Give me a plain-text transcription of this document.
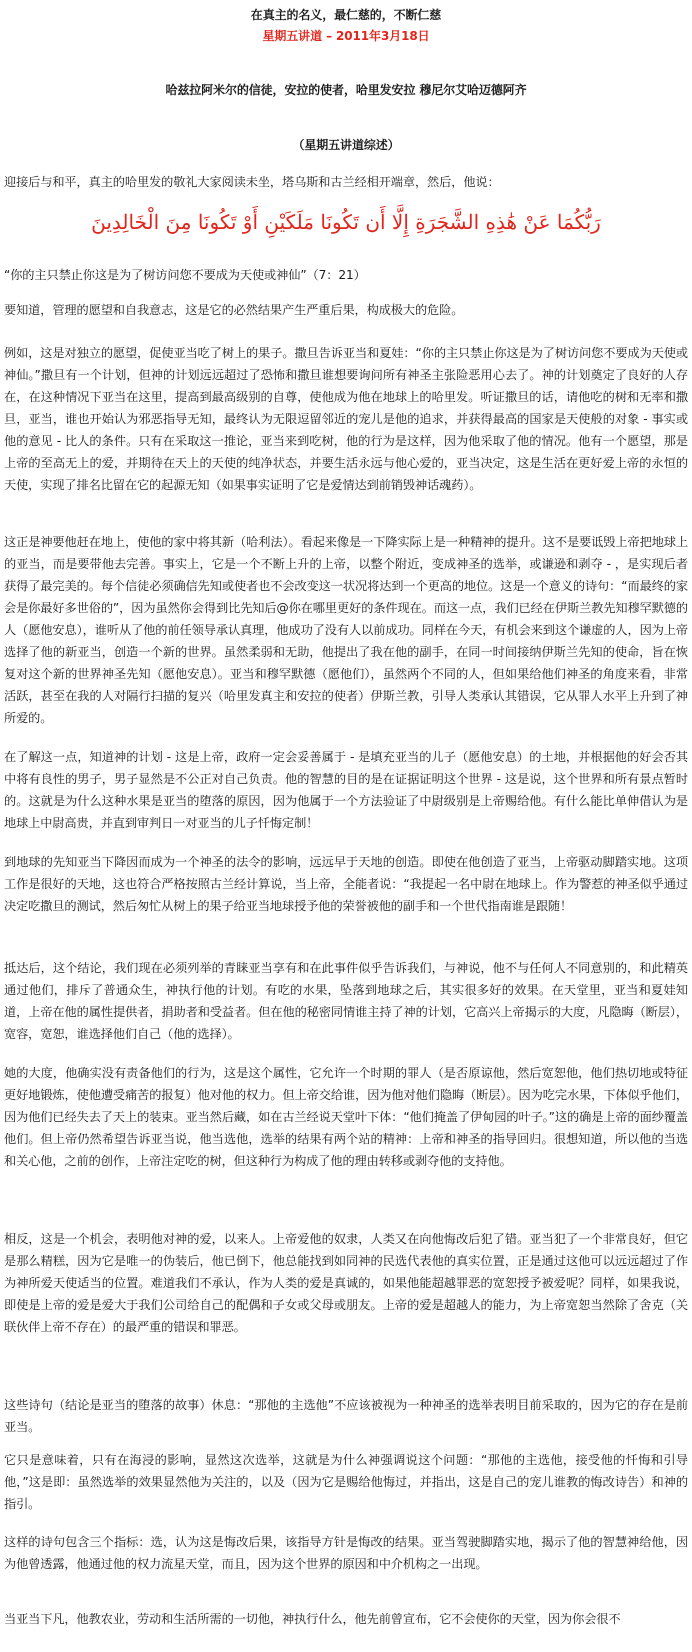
在真主的名义，最仁慈的，不断仁慈
星期五讲道 – 2011年3月18日
哈兹拉阿米尔的信徒，安拉的使者，哈里发安拉 穆尼尔艾哈迈德阿齐
（星期五讲道综述）

迎接后与和平，真主的哈里发的敬礼大家阅读未坐，塔乌斯和古兰经相开端章，然后，他说：

رَبُّكُمَا عَنْ هَٰذِهِ الشَّجَرَةِ إِلَّا أَن تَكُونَا مَلَكَيْنِ أَوْ تَكُونَا مِنَ الْخَالِدِينَ

“你的主只禁止你这是为了树访问您不要成为天使或神仙”（7：21）

要知道，管理的愿望和自我意志，这是它的必然结果产生严重后果，构成极大的危险。

例如，这是对独立的愿望，促使亚当吃了树上的果子。撒旦告诉亚当和夏娃：“你的主只禁止你这是为了树访问您不要成为天使或神仙。”撒旦有一个计划，但神的计划远远超过了恐怖和撒旦谁想要询问所有神圣主张险恶用心去了。神的计划奠定了良好的人存在，在这种情况下亚当在这里，提高到最高级别的自尊，使他成为他在地球上的哈里发。听证撒旦的话，请他吃的树和无率和撒旦，亚当，谁也开始认为邪恶指导无知，最终认为无限逗留邻近的宠儿是他的追求，并获得最高的国家是天使般的对象 - 事实或他的意见 - 比人的条件。只有在采取这一推论，亚当来到吃树，他的行为是这样，因为他采取了他的情况。他有一个愿望，那是上帝的至高无上的爱，并期待在天上的天使的纯净状态，并要生活永远与他心爱的，亚当决定，这是生活在更好爱上帝的永恒的天使，实现了排名比留在它的起源无知（如果事实证明了它是爱情达到前销毁神话魂药）。

这正是神要他赶在地上，使他的家中将其新（哈利法）。看起来像是一下降实际上是一种精神的提升。这不是要诋毁上帝把地球上的亚当，而是要带他去完善。事实上，它是一个不断上升的上帝，以整个附近，变成神圣的选举，或谦逊和剥夺 - ，是实现后者获得了最完美的。每个信徒必须确信先知或使者也不会改变这一状况将达到一个更高的地位。这是一个意义的诗句：“而最终的家会是你最好多世俗的”，因为虽然你会得到比先知后@你在哪里更好的条件现在。而这一点，我们已经在伊斯兰教先知穆罕默德的人（愿他安息），谁听从了他的前任领导承认真理，他成功了没有人以前成功。同样在今天，有机会来到这个谦虚的人，因为上帝选择了他的新亚当，创造一个新的世界。虽然柔弱和无助，他提出了我在他的副手，在同一时间接纳伊斯兰先知的使命，旨在恢复对这个新的世界神圣先知（愿他安息）。亚当和穆罕默德（愿他们），虽然两个不同的人，但如果给他们神圣的角度来看，非常活跃，甚至在我的人对隔行扫描的复兴（哈里发真主和安拉的使者）伊斯兰教，引导人类承认其错误，它从罪人水平上升到了神所爱的。

在了解这一点，知道神的计划 - 这是上帝，政府一定会妥善属于 - 是填充亚当的儿子（愿他安息）的土地，并根据他的好会否其中将有良性的男子，男子显然是不公正对自己负责。他的智慧的目的是在证据证明这个世界 - 这是说，这个世界和所有景点暂时的。这就是为什么这种水果是亚当的堕落的原因，因为他属于一个方法验证了中尉级别是上帝赐给他。有什么能比单伸借认为是地球上中尉高贵，并直到审判日一对亚当的儿子忏悔定制！

到地球的先知亚当下降因而成为一个神圣的法令的影响，远远早于天地的创造。即使在他创造了亚当，上帝驱动脚踏实地。这项工作是很好的天地，这也符合严格按照古兰经计算说，当上帝，全能者说：“我提起一名中尉在地球上。作为警惹的神圣似乎通过决定吃撒旦的测试，然后匆忙从树上的果子给亚当地球授予他的荣誉被他的副手和一个世代指南谁是跟随！

抵达后，这个结论，我们现在必须列举的青睐亚当享有和在此事件似乎告诉我们，与神说，他不与任何人不同意别的，和此精英通过他们，排斥了普通众生，神执行他的计划。有吃的水果，坠落到地球之后，其实很多好的效果。在天堂里，亚当和夏娃知道，上帝在他的属性提供者，捐助者和受益者。但在他的秘密同情谁主持了神的计划，它高兴上帝揭示的大度，凡隐晦（断层），宽容，宽恕，谁选择他们自己（他的选择）。

她的大度，他确实没有责备他们的行为，这是这个属性，它允许一个时期的罪人（是否原谅他，然后宽恕他，他们热切地或特征更好地锻炼，使他遭受痛苦的报复）他对他的权力。但上帝交给谁，因为他对他们隐晦（断层）。因为吃完水果，下体似乎他们，因为他们已经失去了天上的装束。亚当然后藏，如在古兰经说天堂叶下体：“他们掩盖了伊甸园的叶子。”这的确是上帝的面纱覆盖他们。但上帝仍然希望告诉亚当说，他当选他，选举的结果有两个站的精神：上帝和神圣的指导回归。很想知道，所以他的当选和关心他，之前的创作，上帝注定吃的树，但这种行为构成了他的理由转移或剥夺他的支持他。

相反，这是一个机会，表明他对神的爱，以来人。上帝爱他的奴隶，人类又在向他悔改后犯了错。亚当犯了一个非常良好，但它是那么精糕，因为它是唯一的伪装后，他已倒下，他总能找到如同神的民选代表他的真实位置，正是通过这他可以远远超过了作为神所爱天使适当的位置。难道我们不承认，作为人类的爱是真诚的，如果他能超越罪恶的宽恕授予被爱呢？同样，如果我说，即使是上帝的爱是爱大于我们公司给自己的配偶和子女或父母或朋友。上帝的爱是超越人的能力，为上帝宽恕当然除了舍克（关联伙伴上帝不存在）的最严重的错误和罪恶。

这些诗句（结论是亚当的堕落的故事）休息：“那他的主选他”不应该被视为一种神圣的选举表明目前采取的，因为它的存在是前亚当。

它只是意味着，只有在海浸的影响，显然这次选举，这就是为什么神强调说这个问题：“那他的主选他，接受他的忏悔和引导他，”这是即：虽然选举的效果显然他为关注的，以及（因为它是赐给他悔过，并指出，这是自己的宠儿谁教的悔改诗告）和神的指引。

这样的诗句包含三个指标：选，认为这是悔改后果，该指导方针是悔改的结果。亚当驾驶脚踏实地，揭示了他的智慧神给他，因为他曾透露，他通过他的权力流星天堂，而且，因为这个世界的原因和中介机构之一出现。

当亚当下凡，他教农业，劳动和生活所需的一切他，神执行什么，他先前曾宣布，它不会使你的天堂，因为你会很不
